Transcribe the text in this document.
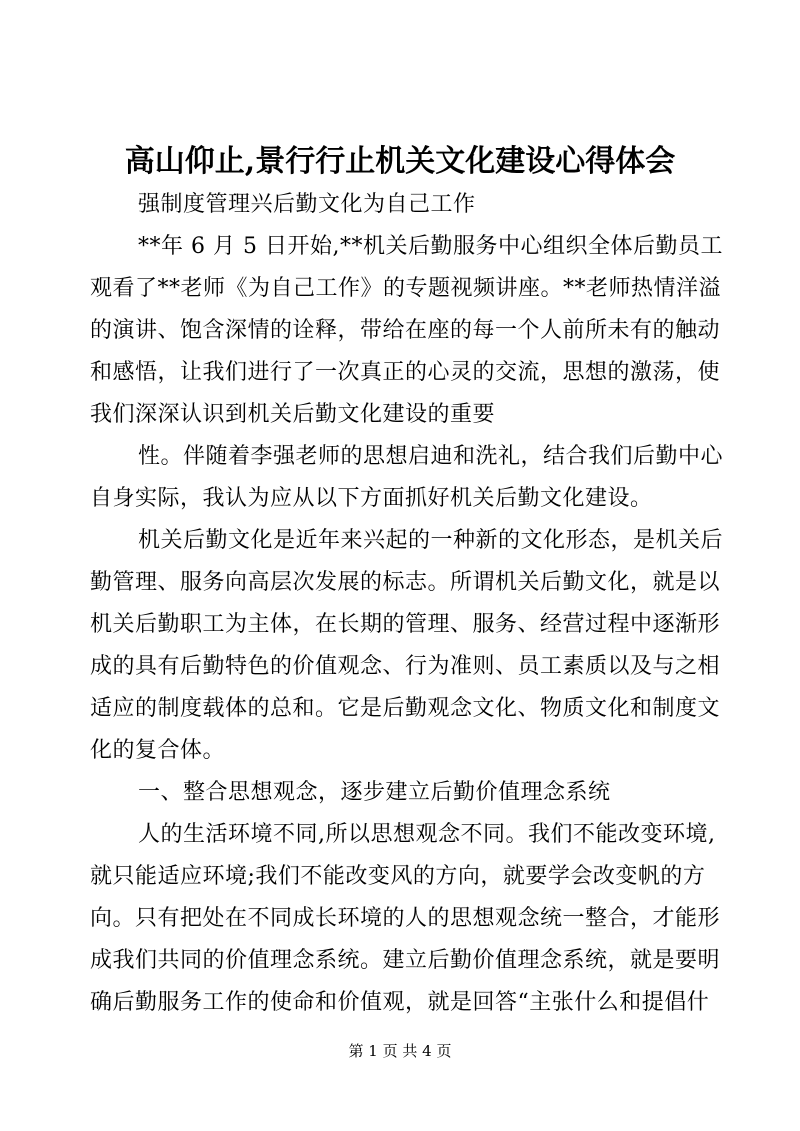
高山仰止,景行行止机关文化建设心得体会
强制度管理兴后勤文化为自己工作
**年 6 月 5 日开始,**机关后勤服务中心组织全体后勤员工
观看了**老师《为自己工作》的专题视频讲座。**老师热情洋溢
的演讲、饱含深情的诠释，带给在座的每一个人前所未有的触动
和感悟，让我们进行了一次真正的心灵的交流，思想的激荡，使
我们深深认识到机关后勤文化建设的重要
性。伴随着李强老师的思想启迪和洗礼，结合我们后勤中心
自身实际，我认为应从以下方面抓好机关后勤文化建设。
机关后勤文化是近年来兴起的一种新的文化形态，是机关后
勤管理、服务向高层次发展的标志。所谓机关后勤文化，就是以
机关后勤职工为主体，在长期的管理、服务、经营过程中逐渐形
成的具有后勤特色的价值观念、行为准则、员工素质以及与之相
适应的制度载体的总和。它是后勤观念文化、物质文化和制度文
化的复合体。
一、整合思想观念，逐步建立后勤价值理念系统
人的生活环境不同,所以思想观念不同。我们不能改变环境,
就只能适应环境;我们不能改变风的方向，就要学会改变帆的方
向。只有把处在不同成长环境的人的思想观念统一整合，才能形
成我们共同的价值理念系统。建立后勤价值理念系统，就是要明
确后勤服务工作的使命和价值观，就是回答“主张什么和提倡什
第 1 页 共 4 页
